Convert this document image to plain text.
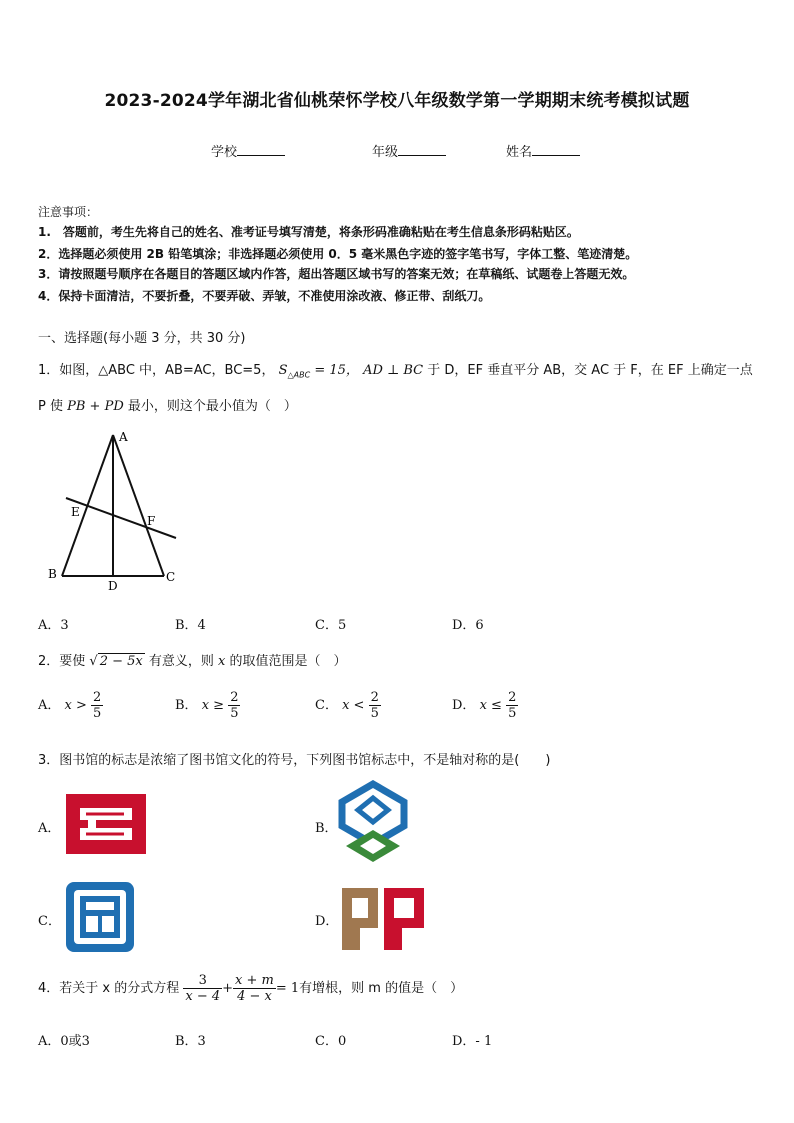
2023-2024学年湖北省仙桃荣怀学校八年级数学第一学期期末统考模拟试题
学校	年级	姓名
注意事项：
1.　答题前，考生先将自己的姓名、准考证号填写清楚，将条形码准确粘贴在考生信息条形码粘贴区。
2．选择题必须使用 2B 铅笔填涂；非选择题必须使用 0．5 毫米黑色字迹的签字笔书写，字体工整、笔迹清楚。
3．请按照题号顺序在各题目的答题区域内作答，超出答题区域书写的答案无效；在草稿纸、试题卷上答题无效。
4．保持卡面清洁，不要折叠，不要弄破、弄皱，不准使用涂改液、修正带、刮纸刀。
一、选择题(每小题 3 分，共 30 分)
1．如图，△ABC 中，AB=AC，BC=5， $S_{\triangle ABC} = 15$， AD ⊥ BC 于 D，EF 垂直平分 AB，交 AC 于 F，在 EF 上确定一点
P 使 PB + PD 最小，则这个最小值为（　）
A
B	C
D
E
F
A．3	B．4	C．5	D．6
2．要使 √ 2 − 5x 有意义，则 x 的取值范围是（　）
A． $x > \frac{2}{5}$	B． $x \ge \frac{2}{5}$	C． $x < \frac{2}{5}$	D． $x \le \frac{2}{5}$
3．图书馆的标志是浓缩了图书馆文化的符号，下列图书馆标志中，不是轴对称的是(　　)
A．	B．
C．	D．
4．若关于 x 的分式方程 $\frac{3}{x - 4} + \frac{x + m}{4 - x} = 1$有增根，则 m 的值是（　）
A．0或3	B．3	C．0	D．- 1
